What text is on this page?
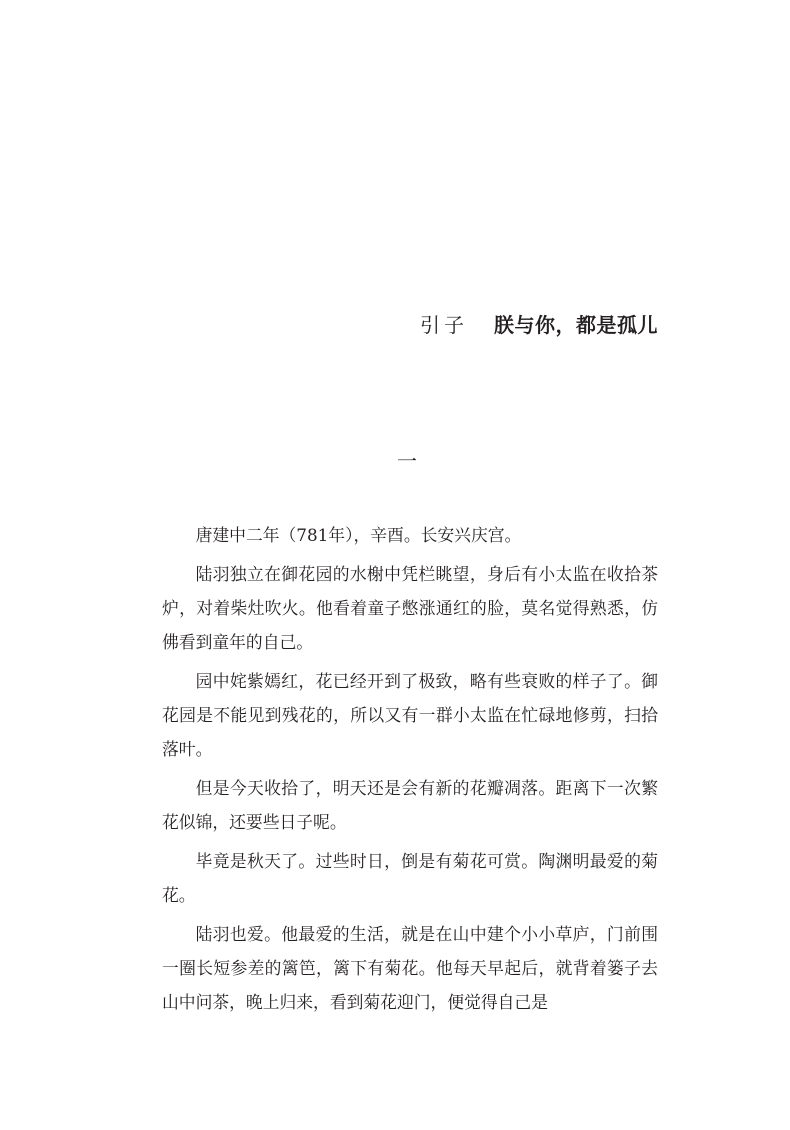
引子 朕与你，都是孤儿
一

唐建中二年（781年），辛酉。长安兴庆宫。

陆羽独立在御花园的水榭中凭栏眺望，身后有小太监在收拾茶炉，对着柴灶吹火。他看着童子憋涨通红的脸，莫名觉得熟悉，仿佛看到童年的自己。

园中姹紫嫣红，花已经开到了极致，略有些衰败的样子了。御花园是不能见到残花的，所以又有一群小太监在忙碌地修剪，扫拾落叶。

但是今天收拾了，明天还是会有新的花瓣凋落。距离下一次繁花似锦，还要些日子呢。

毕竟是秋天了。过些时日，倒是有菊花可赏。陶渊明最爱的菊花。

陆羽也爱。他最爱的生活，就是在山中建个小小草庐，门前围一圈长短参差的篱笆，篱下有菊花。他每天早起后，就背着篓子去山中问茶，晚上归来，看到菊花迎门，便觉得自己是
